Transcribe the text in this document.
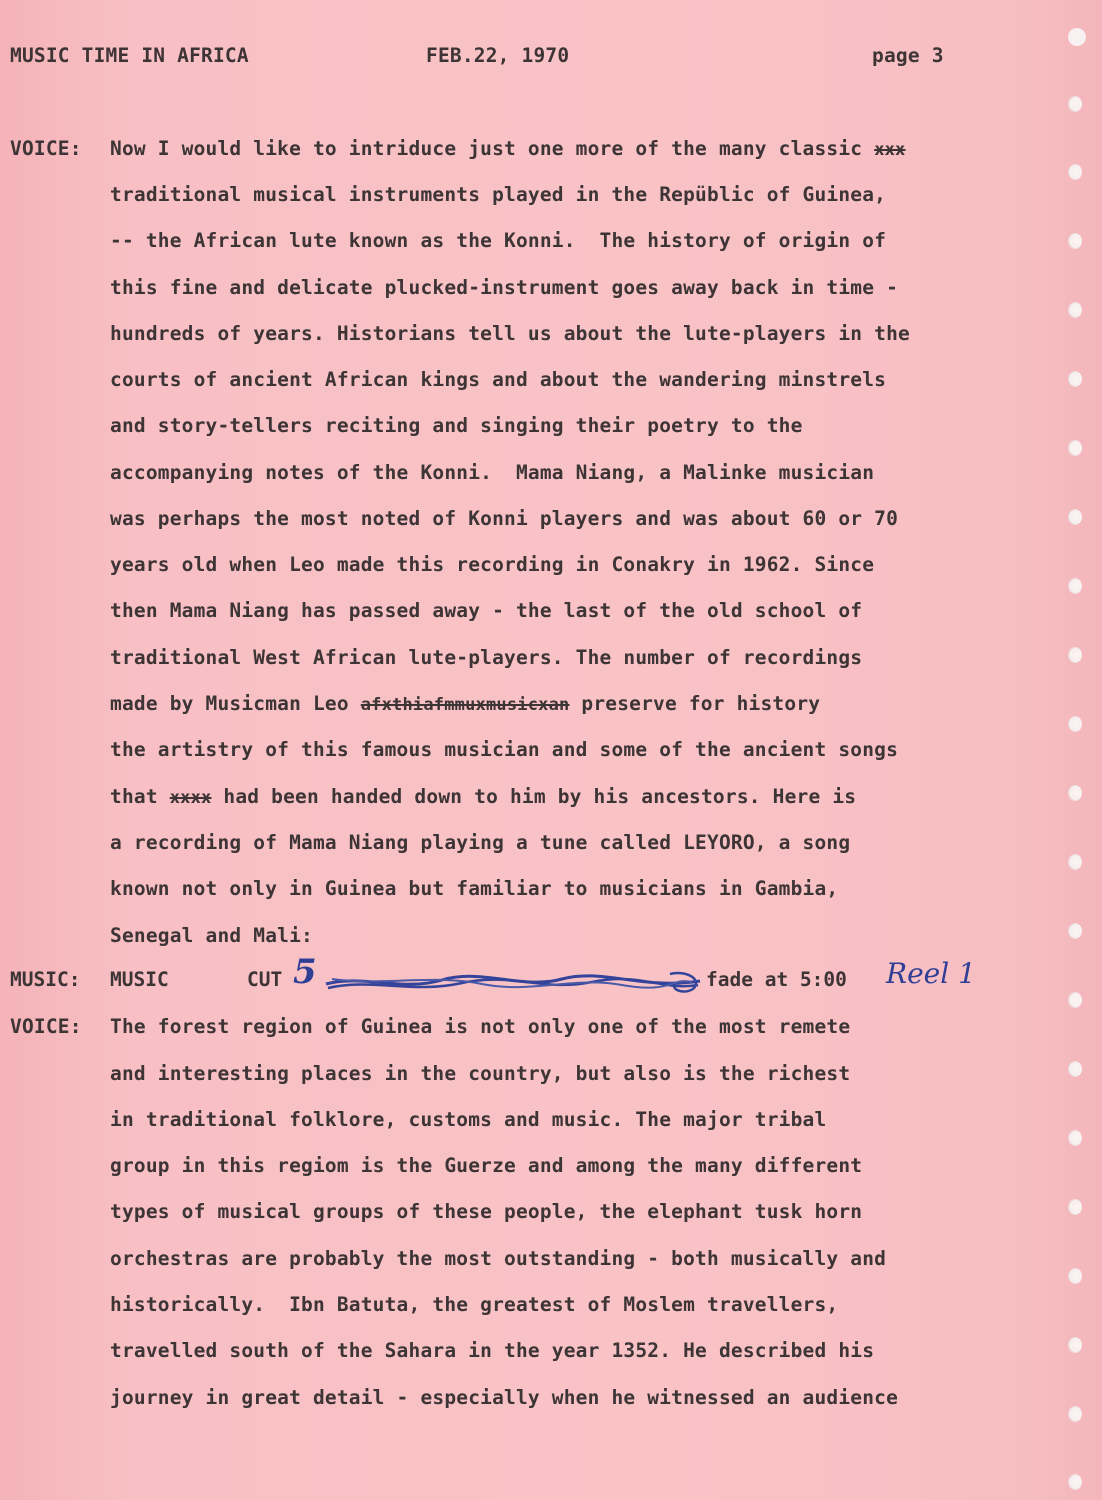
MUSIC TIME IN AFRICA	FEB.22, 1970	page 3
VOICE: Now I would like to intriduce just one more of the many classic xxx
traditional musical instruments played in the Repüblic of Guinea,
-- the African lute known as the Konni.  The history of origin of
this fine and delicate plucked-instrument goes away back in time -
hundreds of years. Historians tell us about the lute-players in the
courts of ancient African kings and about the wandering minstrels
and story-tellers reciting and singing their poetry to the
accompanying notes of the Konni.  Mama Niang, a Malinke musician
was perhaps the most noted of Konni players and was about 60 or 70
years old when Leo made this recording in Conakry in 1962. Since
then Mama Niang has passed away - the last of the old school of
traditional West African lute-players. The number of recordings
made by Musicman Leo afxthiafmmuxmusicxan preserve for history
the artistry of this famous musician and some of the ancient songs
that xxxx had been handed down to him by his ancestors. Here is
a recording of Mama Niang playing a tune called LEYORO, a song
known not only in Guinea but familiar to musicians in Gambia,
Senegal and Mali:
MUSIC: MUSIC	CUT 5	fade at 5:00 Reel 1
VOICE: The forest region of Guinea is not only one of the most remete
and interesting places in the country, but also is the richest
in traditional folklore, customs and music. The major tribal
group in this regiom is the Guerze and among the many different
types of musical groups of these people, the elephant tusk horn
orchestras are probably the most outstanding - both musically and
historically.  Ibn Batuta, the greatest of Moslem travellers,
travelled south of the Sahara in the year 1352. He described his
journey in great detail - especially when he witnessed an audience
